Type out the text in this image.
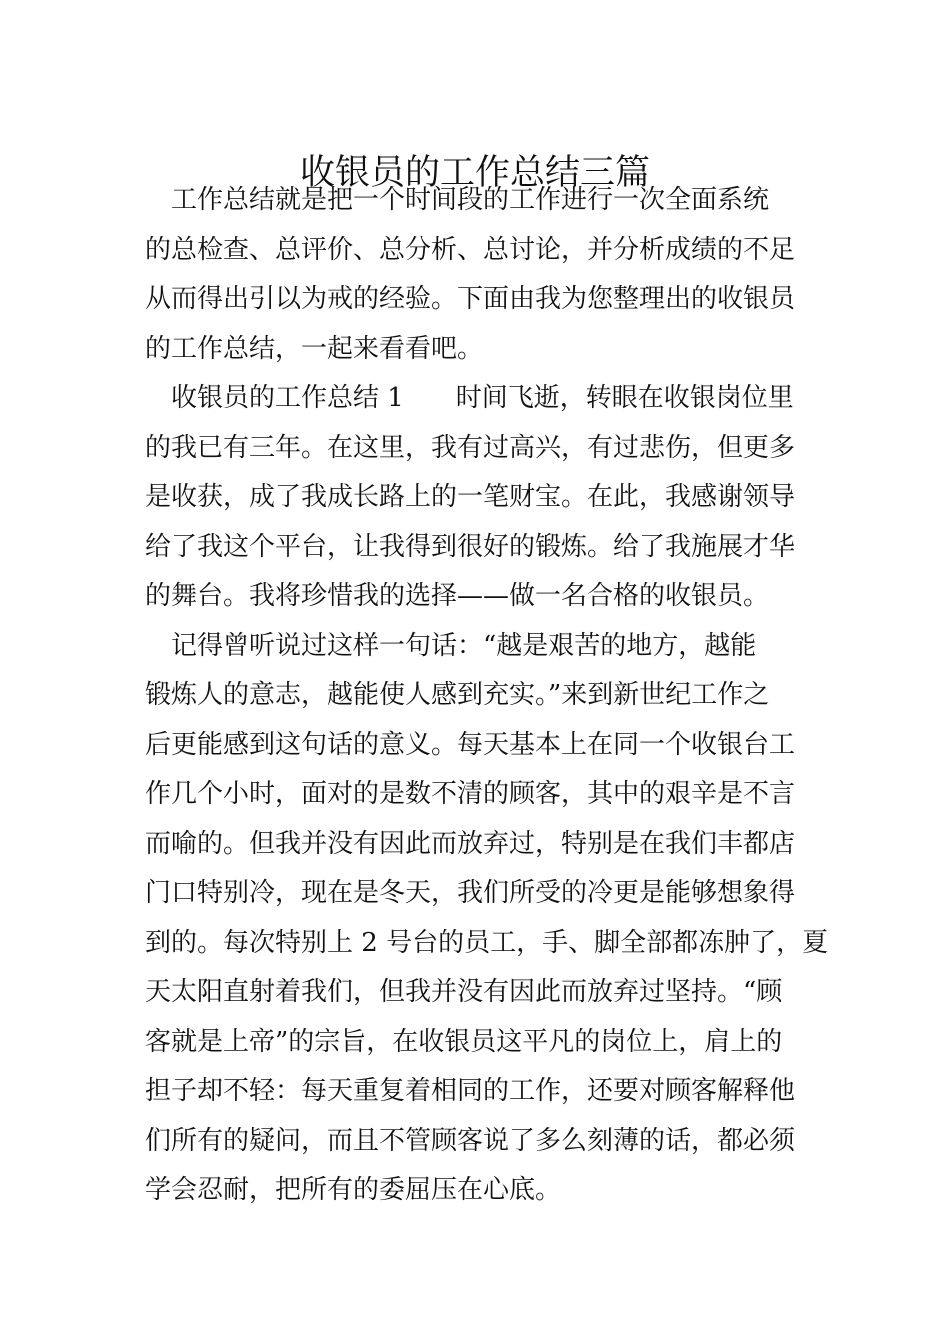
收银员的工作总结三篇
　工作总结就是把一个时间段的工作进行一次全面系统
的总检查、总评价、总分析、总讨论，并分析成绩的不足
从而得出引以为戒的经验。下面由我为您整理出的收银员
的工作总结，一起来看看吧。
　收银员的工作总结 1　　时间飞逝，转眼在收银岗位里
的我已有三年。在这里，我有过高兴，有过悲伤，但更多
是收获，成了我成长路上的一笔财宝。在此，我感谢领导
给了我这个平台，让我得到很好的锻炼。给了我施展才华
的舞台。我将珍惜我的选择——做一名合格的收银员。
　记得曾听说过这样一句话：“越是艰苦的地方，越能
锻炼人的意志，越能使人感到充实。”来到新世纪工作之
后更能感到这句话的意义。每天基本上在同一个收银台工
作几个小时，面对的是数不清的顾客，其中的艰辛是不言
而喻的。但我并没有因此而放弃过，特别是在我们丰都店
门口特别冷，现在是冬天，我们所受的冷更是能够想象得
到的。每次特别上 2 号台的员工，手、脚全部都冻肿了，夏
天太阳直射着我们，但我并没有因此而放弃过坚持。“顾
客就是上帝”的宗旨，在收银员这平凡的岗位上，肩上的
担子却不轻：每天重复着相同的工作，还要对顾客解释他
们所有的疑问，而且不管顾客说了多么刻薄的话，都必须
学会忍耐，把所有的委屈压在心底。
